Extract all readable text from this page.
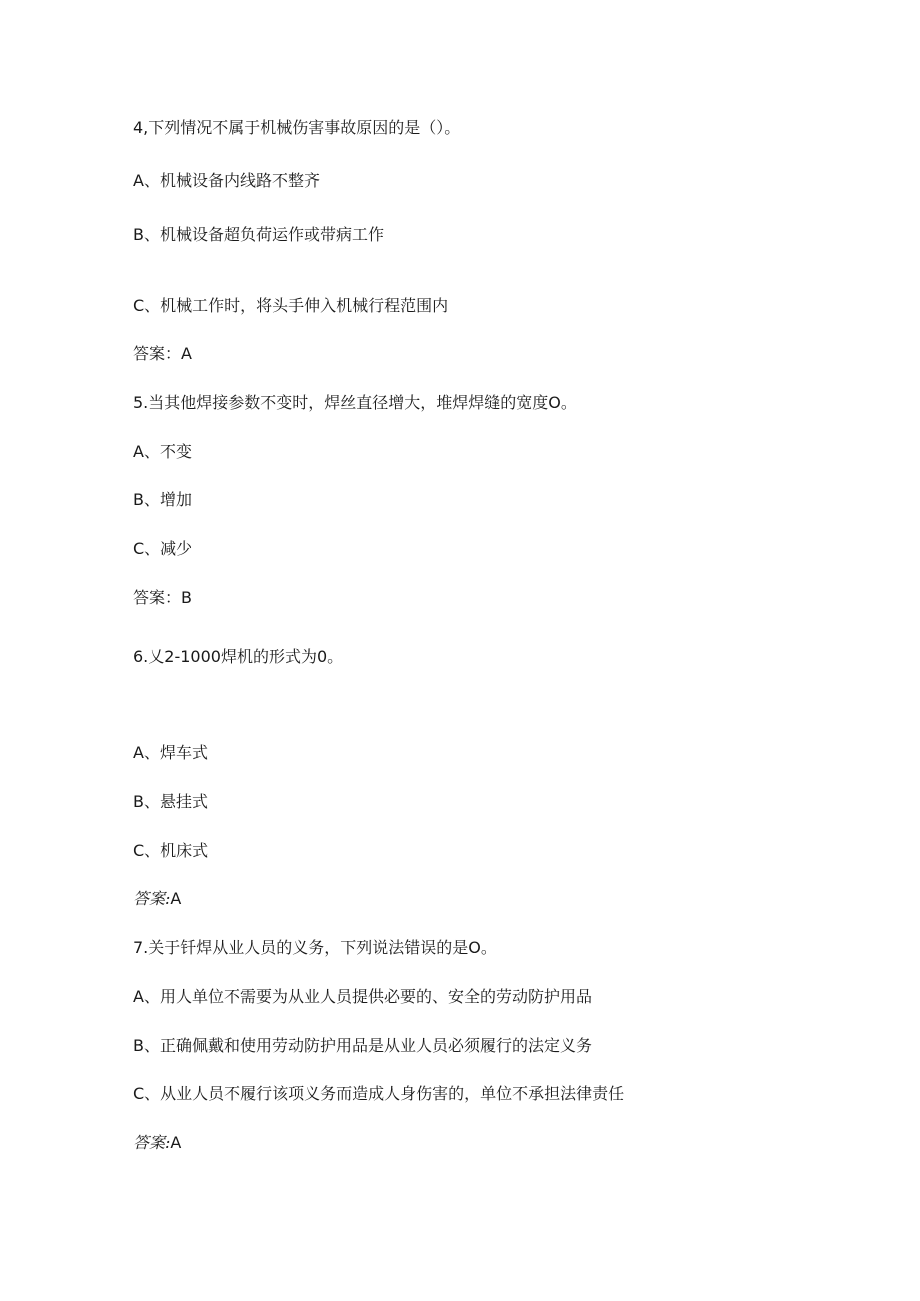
4,下列情况不属于机械伤害事故原因的是（）。
A、机械设备内线路不整齐
B、机械设备超负荷运作或带病工作
C、机械工作时，将头手伸入机械行程范围内
答案：A
5.当其他焊接参数不变时，焊丝直径增大，堆焊焊缝的宽度O。
A、不变
B、增加
C、减少
答案：B
6.乂2-1000焊机的形式为0。
A、焊车式
B、悬挂式
C、机床式
答案:A
7.关于钎焊从业人员的义务，下列说法错误的是O。
A、用人单位不需要为从业人员提供必要的、安全的劳动防护用品
B、正确佩戴和使用劳动防护用品是从业人员必须履行的法定义务
C、从业人员不履行该项义务而造成人身伤害的，单位不承担法律责任
答案:A
